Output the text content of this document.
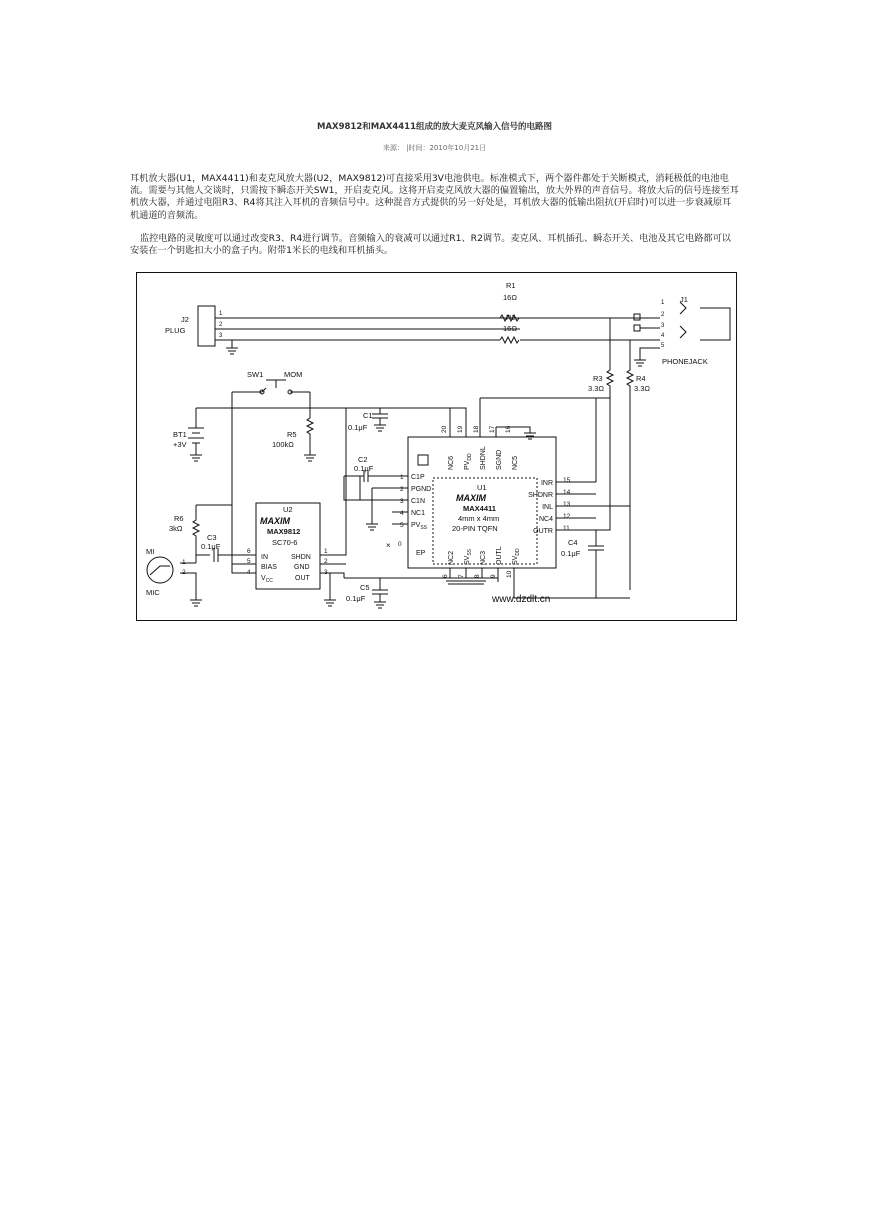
MAX9812和MAX4411组成的放大麦克风输入信号的电路图
来源： |时间：2010年10月21日

耳机放大器(U1，MAX4411)和麦克风放大器(U2，MAX9812)可直接采用3V电池供电。标准模式下，两个器件都处于关断模式，消耗极低的电池电流。需要与其他人交谈时，只需按下瞬态开关SW1，开启麦克风。这将开启麦克风放大器的偏置输出，放大外界的声音信号。将放大后的信号连接至耳机放大器，并通过电阻R3、R4将其注入耳机的音频信号中。这种混音方式提供的另一好处是，耳机放大器的低输出阻抗(开启时)可以进一步衰减原耳机通道的音频流。

监控电路的灵敏度可以通过改变R3、R4进行调节。音频输入的衰减可以通过R1、R2调节。麦克风、耳机插孔、瞬态开关、电池及其它电路都可以安装在一个钥匙扣大小的盒子内。附带1米长的电线和耳机插头。

J2
PLUG
1
2
3
R1
16Ω
R2
16Ω
J1
PHONEJACK
1
2
3
4
5
R3
3.3Ω
R4
3.3Ω
SW1	MOM
BT1
+3V
R5
100kΩ
C1
0.1μF
C2
0.1μF
R6
3kΩ
C3
0.1μF	C4
0.1μF
C5
0.1μF
MI
MIC
1
2
U2
MAXIM
MAX9812
SC70-6
IN
BIAS
$V_{CC}$
SHDN
GND
OUT
6
5
4
1
2
3
U1
MAXIM
MAX4411
4mm x 4mm
20-PIN TQFN
EP
× 0
1 C1P
2 PGND
3 C1N
4 NC1
5 $PV_{SS}$
15
INR
14
SHDNR
13
INL
12
NC4
11
OUTR
20
NC6
19
$PV_{DD}$
18
SHDNL
17
SGND
16
NC5
NC2
6
$SV_{SS}$
7
NC3
8
OUTL
9
$SV_{DD}$
10
www.dzdlt.cn
